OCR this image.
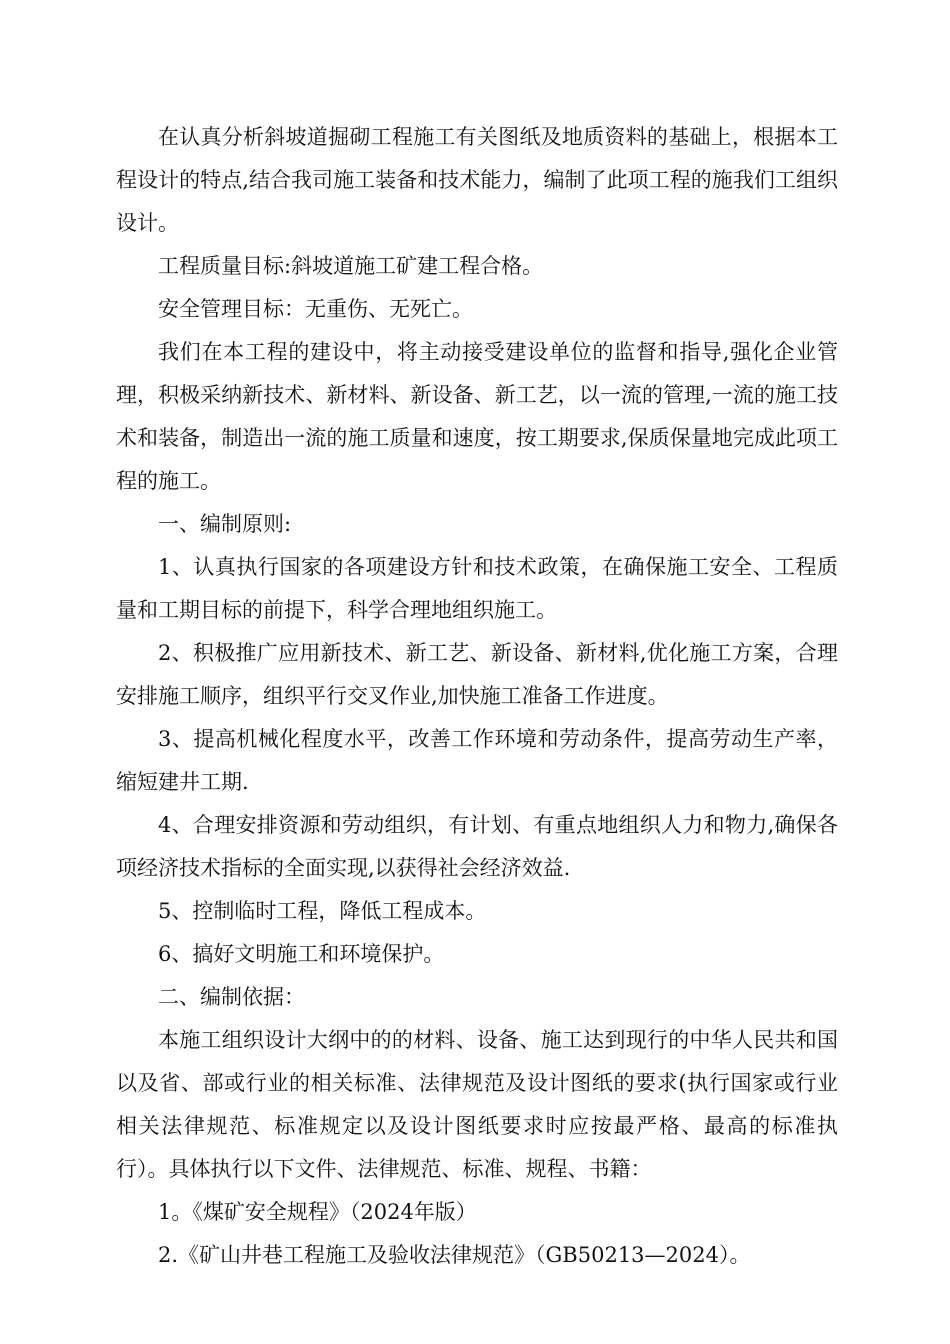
在认真分析斜坡道掘砌工程施工有关图纸及地质资料的基础上，根据本工程设计的特点,结合我司施工装备和技术能力，编制了此项工程的施我们工组织设计。

工程质量目标:斜坡道施工矿建工程合格。

安全管理目标：无重伤、无死亡。

我们在本工程的建设中，将主动接受建设单位的监督和指导,强化企业管理，积极采纳新技术、新材料、新设备、新工艺，以一流的管理,一流的施工技术和装备，制造出一流的施工质量和速度，按工期要求,保质保量地完成此项工程的施工。

一、编制原则:

1、认真执行国家的各项建设方针和技术政策，在确保施工安全、工程质量和工期目标的前提下，科学合理地组织施工。

2、积极推广应用新技术、新工艺、新设备、新材料,优化施工方案，合理安排施工顺序，组织平行交叉作业,加快施工准备工作进度。

3、提高机械化程度水平，改善工作环境和劳动条件，提高劳动生产率，缩短建井工期.

4、合理安排资源和劳动组织，有计划、有重点地组织人力和物力,确保各项经济技术指标的全面实现,以获得社会经济效益.

5、控制临时工程，降低工程成本。

6、搞好文明施工和环境保护。

二、编制依据：

本施工组织设计大纲中的的材料、设备、施工达到现行的中华人民共和国以及省、部或行业的相关标准、法律规范及设计图纸的要求(执行国家或行业相关法律规范、标准规定以及设计图纸要求时应按最严格、最高的标准执行）。具体执行以下文件、法律规范、标准、规程、书籍：

1。《煤矿安全规程》（2024年版）

2.《矿山井巷工程施工及验收法律规范》（GB50213—2024）。
